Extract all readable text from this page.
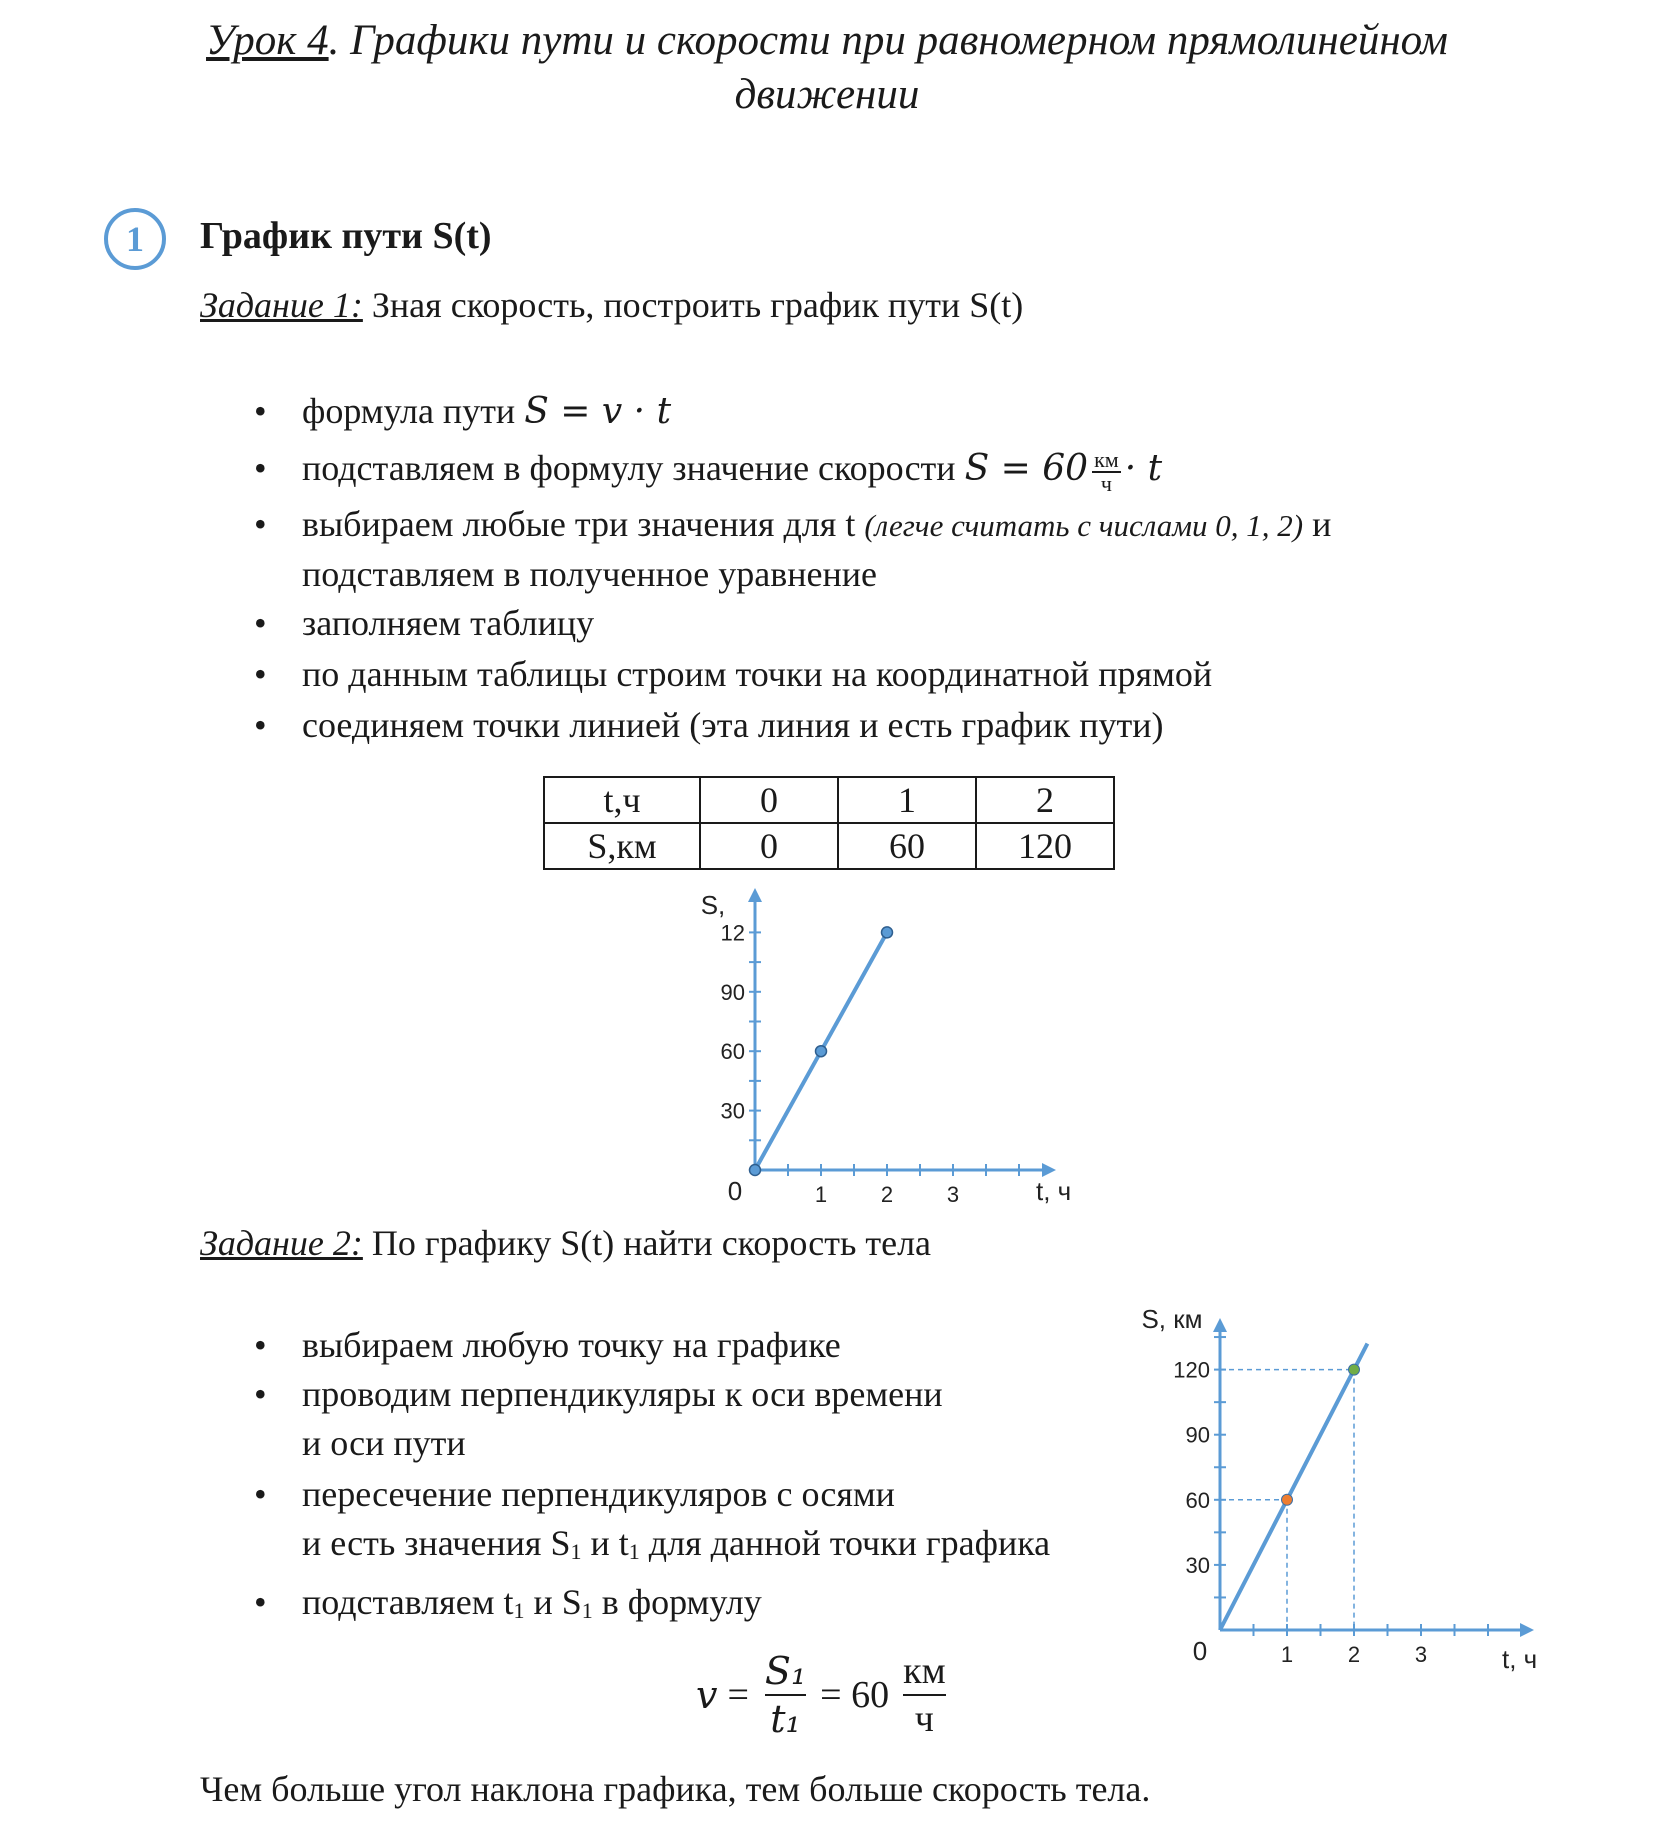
Урок 4. Графики пути и скорости при равномерном прямолинейном
движении
1 График пути S(t)
Задание 1: Зная скорость, построить график пути S(t)
• формула пути S = v · t
• подставляем в формулу значение скорости $S = 60 \frac{км}{ч} \cdot t$
• выбираем любые три значения для t (легче считать с числами 0, 1, 2) и
подставляем в полученное уравнение
• заполняем таблицу
• по данным таблицы строим точки на координатной прямой
• соединяем точки линией (эта линия и есть график пути)
t,ч	0	1	2
S,км	0	60	120
1 2 3
30
60
90
12
0	t, ч
S,
Задание 2: По графику S(t) найти скорость тела
• выбираем любую точку на графике
• проводим перпендикуляры к оси времени
и оси пути
• пересечение перпендикуляров с осями
и есть значения $S_1$ и $t_1$ для данной точки графика
• подставляем $t_1$ и $S_1$ в формулу
1 2 3
30
60
90
120
0	t, ч
S, км
$v = \frac{\text{S₁}}{\text{t₁}} = 60 \frac{км}{ч}$
Чем больше угол наклона графика, тем больше скорость тела.
